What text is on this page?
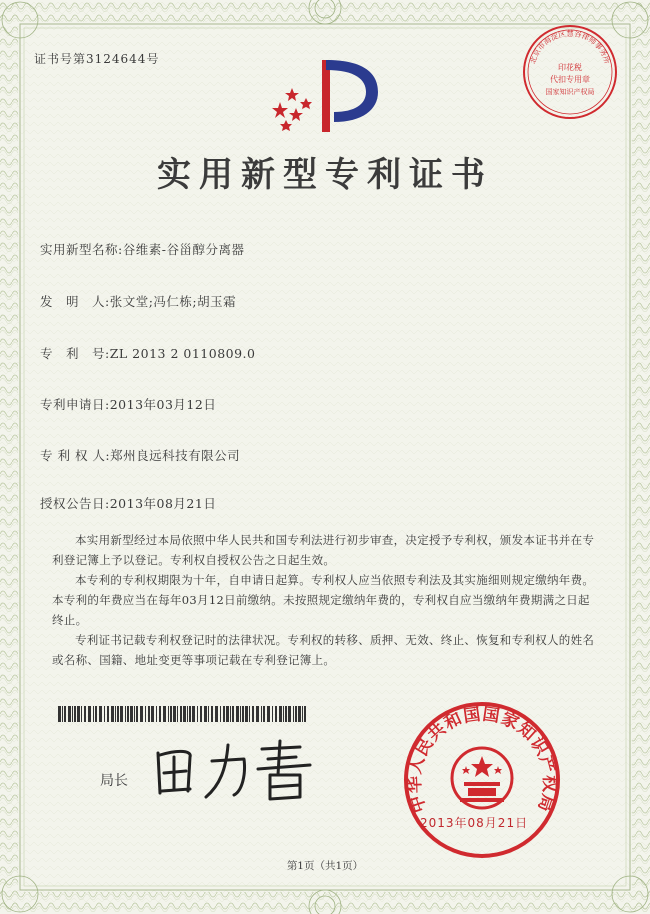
证书号第3124644号	北京市海淀区慧谷律师事务所
印花税
代扣专用章
国家知识产权局
实用新型专利证书
实用新型名称:谷维素-谷甾醇分离器
发　明　人:张文堂;冯仁栋;胡玉霜
专　利　号:ZL 2013 2 0110809.0
专利申请日:2013年03月12日
专 利 权 人:郑州良远科技有限公司
授权公告日:2013年08月21日

本实用新型经过本局依照中华人民共和国专利法进行初步审查，决定授予专利权，颁发本证书并在专利登记簿上予以登记。专利权自授权公告之日起生效。

本专利的专利权期限为十年，自申请日起算。专利权人应当依照专利法及其实施细则规定缴纳年费。本专利的年费应当在每年03月12日前缴纳。未按照规定缴纳年费的，专利权自应当缴纳年费期满之日起终止。

专利证书记载专利权登记时的法律状况。专利权的转移、质押、无效、终止、恢复和专利权人的姓名或名称、国籍、地址变更等事项记载在专利登记簿上。

局长
中华人民共和国国家知识产权局
2013年08月21日
第1页（共1页）
